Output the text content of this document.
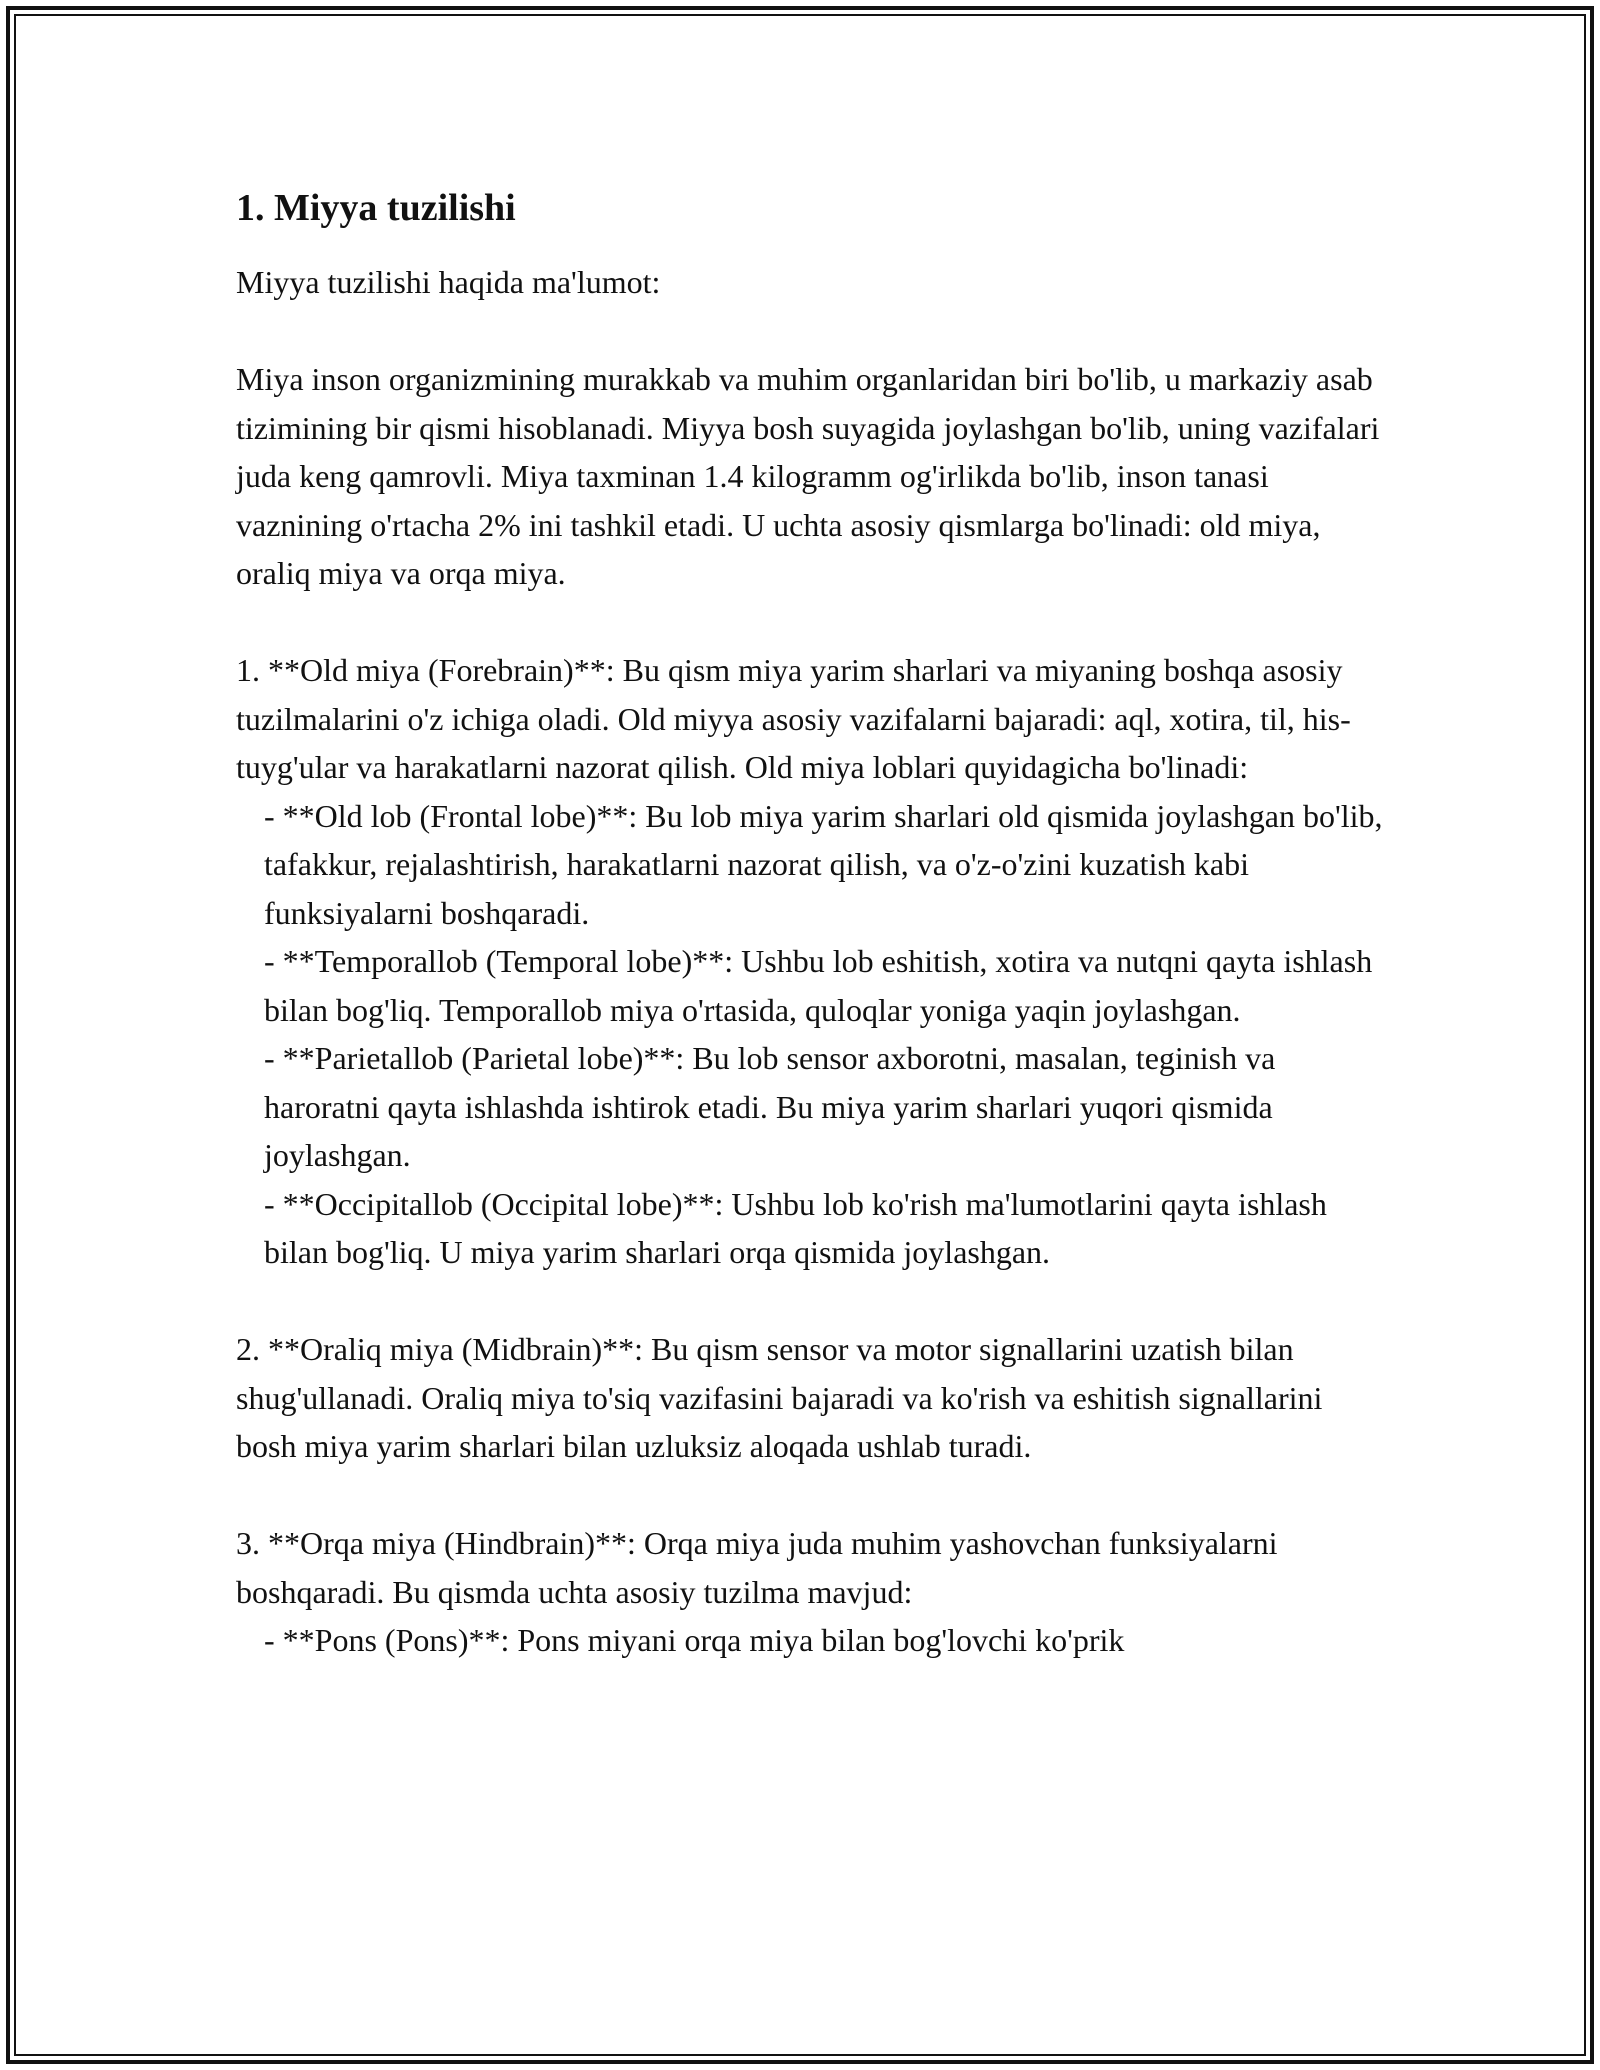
1. Miyya tuzilishi

Miyya tuzilishi haqida ma'lumot:

Miya inson organizmining murakkab va muhim organlaridan biri bo'lib, u markaziy asab tizimining bir qismi hisoblanadi. Miyya bosh suyagida joylashgan bo'lib, uning vazifalari juda keng qamrovli. Miya taxminan 1.4 kilogramm og'irlikda bo'lib, inson tanasi vaznining o'rtacha 2% ini tashkil etadi. U uchta asosiy qismlarga bo'linadi: old miya, oraliq miya va orqa miya.

1. **Old miya (Forebrain)**: Bu qism miya yarim sharlari va miyaning boshqa asosiy tuzilmalarini o'z ichiga oladi. Old miyya asosiy vazifalarni bajaradi: aql, xotira, til, his-tuyg'ular va harakatlarni nazorat qilish. Old miya loblari quyidagicha bo'linadi:

- **Old lob (Frontal lobe)**: Bu lob miya yarim sharlari old qismida joylashgan bo'lib, tafakkur, rejalashtirish, harakatlarni nazorat qilish, va o'z-o'zini kuzatish kabi funksiyalarni boshqaradi.

- **Temporallob (Temporal lobe)**: Ushbu lob eshitish, xotira va nutqni qayta ishlash bilan bog'liq. Temporallob miya o'rtasida, quloqlar yoniga yaqin joylashgan.

- **Parietallob (Parietal lobe)**: Bu lob sensor axborotni, masalan, teginish va haroratni qayta ishlashda ishtirok etadi. Bu miya yarim sharlari yuqori qismida joylashgan.

- **Occipitallob (Occipital lobe)**: Ushbu lob ko'rish ma'lumotlarini qayta ishlash bilan bog'liq. U miya yarim sharlari orqa qismida joylashgan.

2. **Oraliq miya (Midbrain)**: Bu qism sensor va motor signallarini uzatish bilan shug'ullanadi. Oraliq miya to'siq vazifasini bajaradi va ko'rish va eshitish signallarini bosh miya yarim sharlari bilan uzluksiz aloqada ushlab turadi.

3. **Orqa miya (Hindbrain)**: Orqa miya juda muhim yashovchan funksiyalarni boshqaradi. Bu qismda uchta asosiy tuzilma mavjud:

- **Pons (Pons)**: Pons miyani orqa miya bilan bog'lovchi ko'prik
